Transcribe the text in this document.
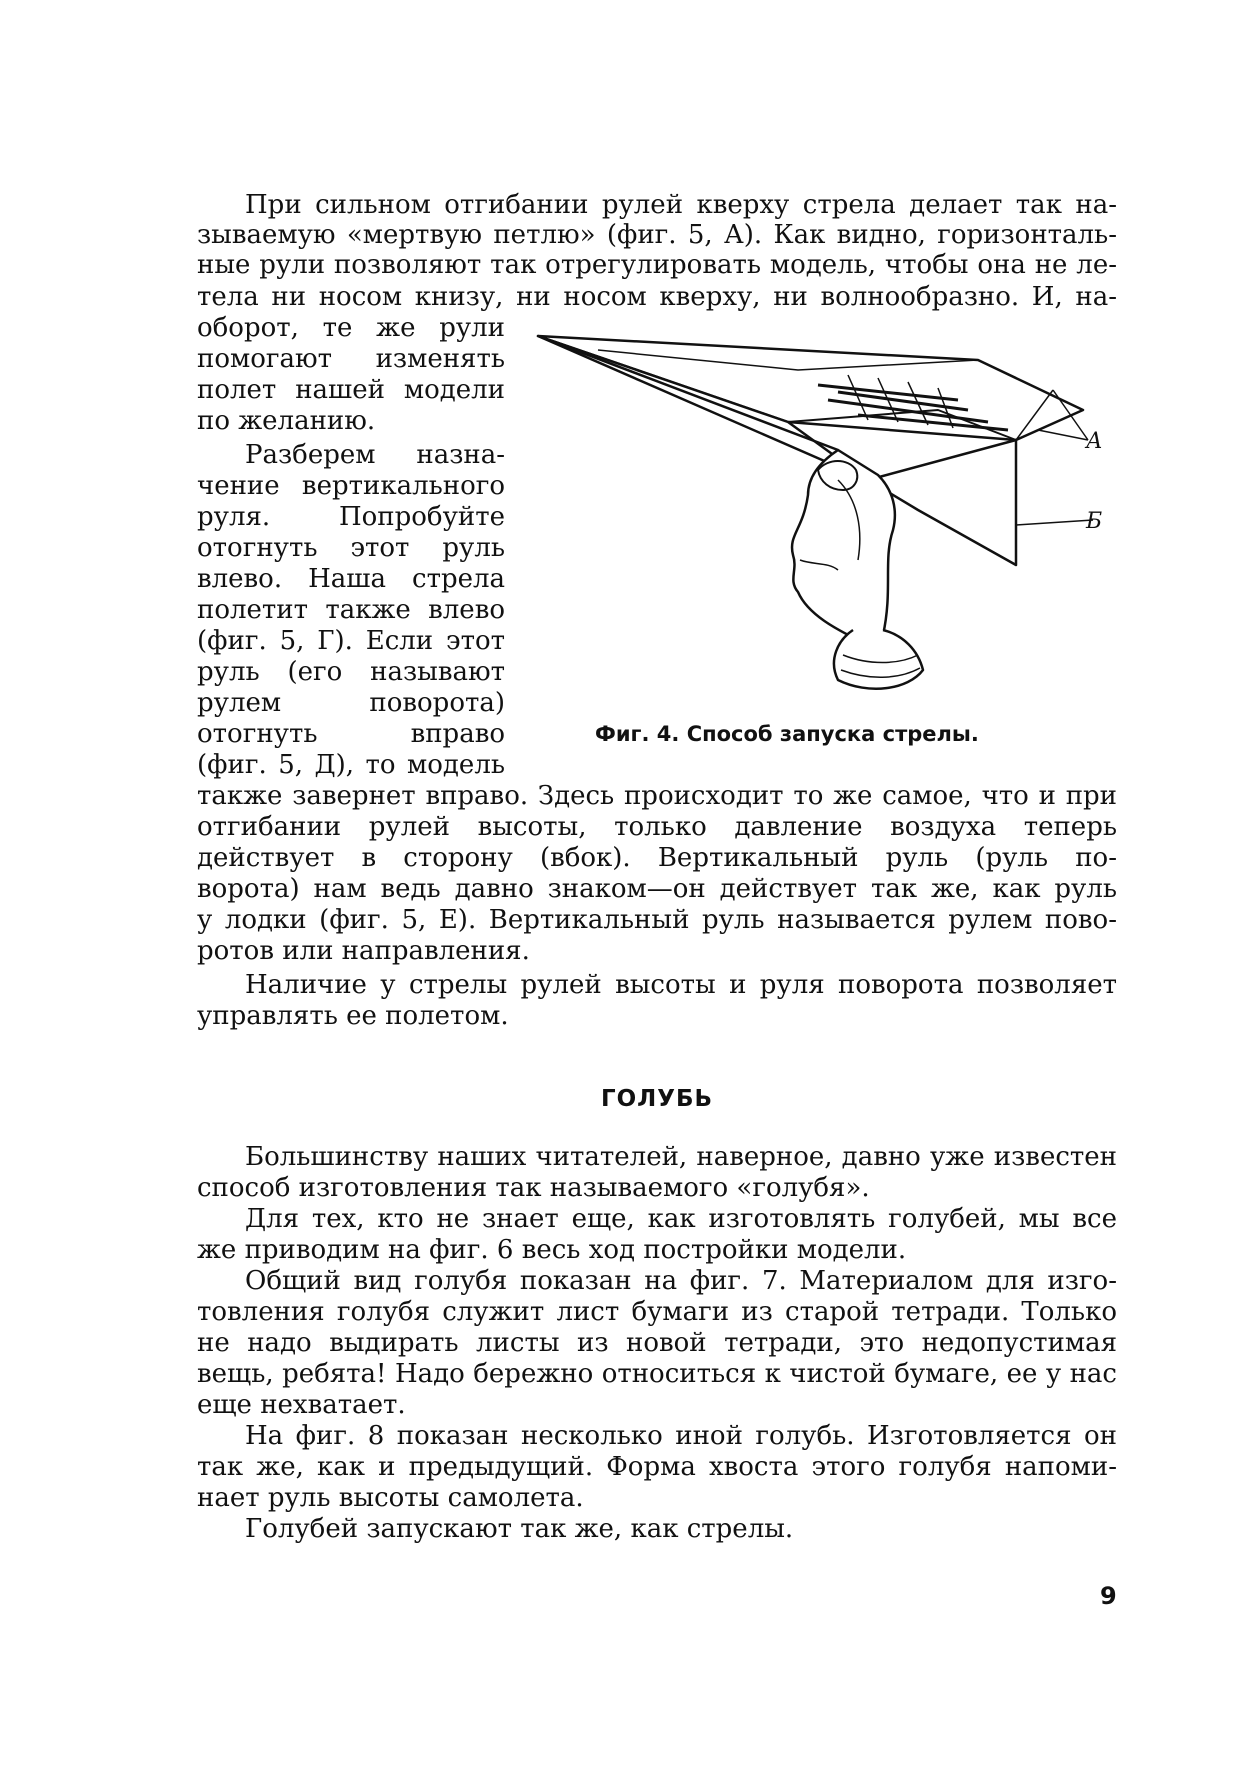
При сильном отгибании рулей кверху стрела делает так на-
зываемую «мертвую петлю» (фиг. 5, А). Как видно, горизонталь-
ные рули позволяют так отрегулировать модель, чтобы она не ле-
тела ни носом книзу, ни носом кверху, ни волнообразно. И, на-
оборот, те же рули
помогают изменять
полет нашей модели
по желанию.
Разберем назна-
чение вертикального
руля. Попробуйте
отогнуть этот руль
влево. Наша стрела
полетит также влево
(фиг. 5, Г). Если этот
руль (его называют
рулем поворота)
отогнуть вправо
(фиг. 5, Д), то модель
также завернет вправо. Здесь происходит то же самое, что и при
отгибании рулей высоты, только давление воздуха теперь
действует в сторону (вбок). Вертикальный руль (руль по-
ворота) нам ведь давно знаком—он действует так же, как руль
у лодки (фиг. 5, Е). Вертикальный руль называется рулем пово-
ротов или направления.
Наличие у стрелы рулей высоты и руля поворота позволяет
управлять ее полетом.
ГОЛУБЬ
Большинству наших читателей, наверное, давно уже известен
способ изготовления так называемого «голубя».
Для тех, кто не знает еще, как изготовлять голубей, мы все
же приводим на фиг. 6 весь ход постройки модели.
Общий вид голубя показан на фиг. 7. Материалом для изго-
товления голубя служит лист бумаги из старой тетради. Только
не надо выдирать листы из новой тетради, это недопустимая
вещь, ребята! Надо бережно относиться к чистой бумаге, ее у нас
еще нехватает.
На фиг. 8 показан несколько иной голубь. Изготовляется он
так же, как и предыдущий. Форма хвоста этого голубя напоми-
нает руль высоты самолета.
Голубей запускают так же, как стрелы.
А
Б
Фиг. 4. Способ запуска стрелы.
9
